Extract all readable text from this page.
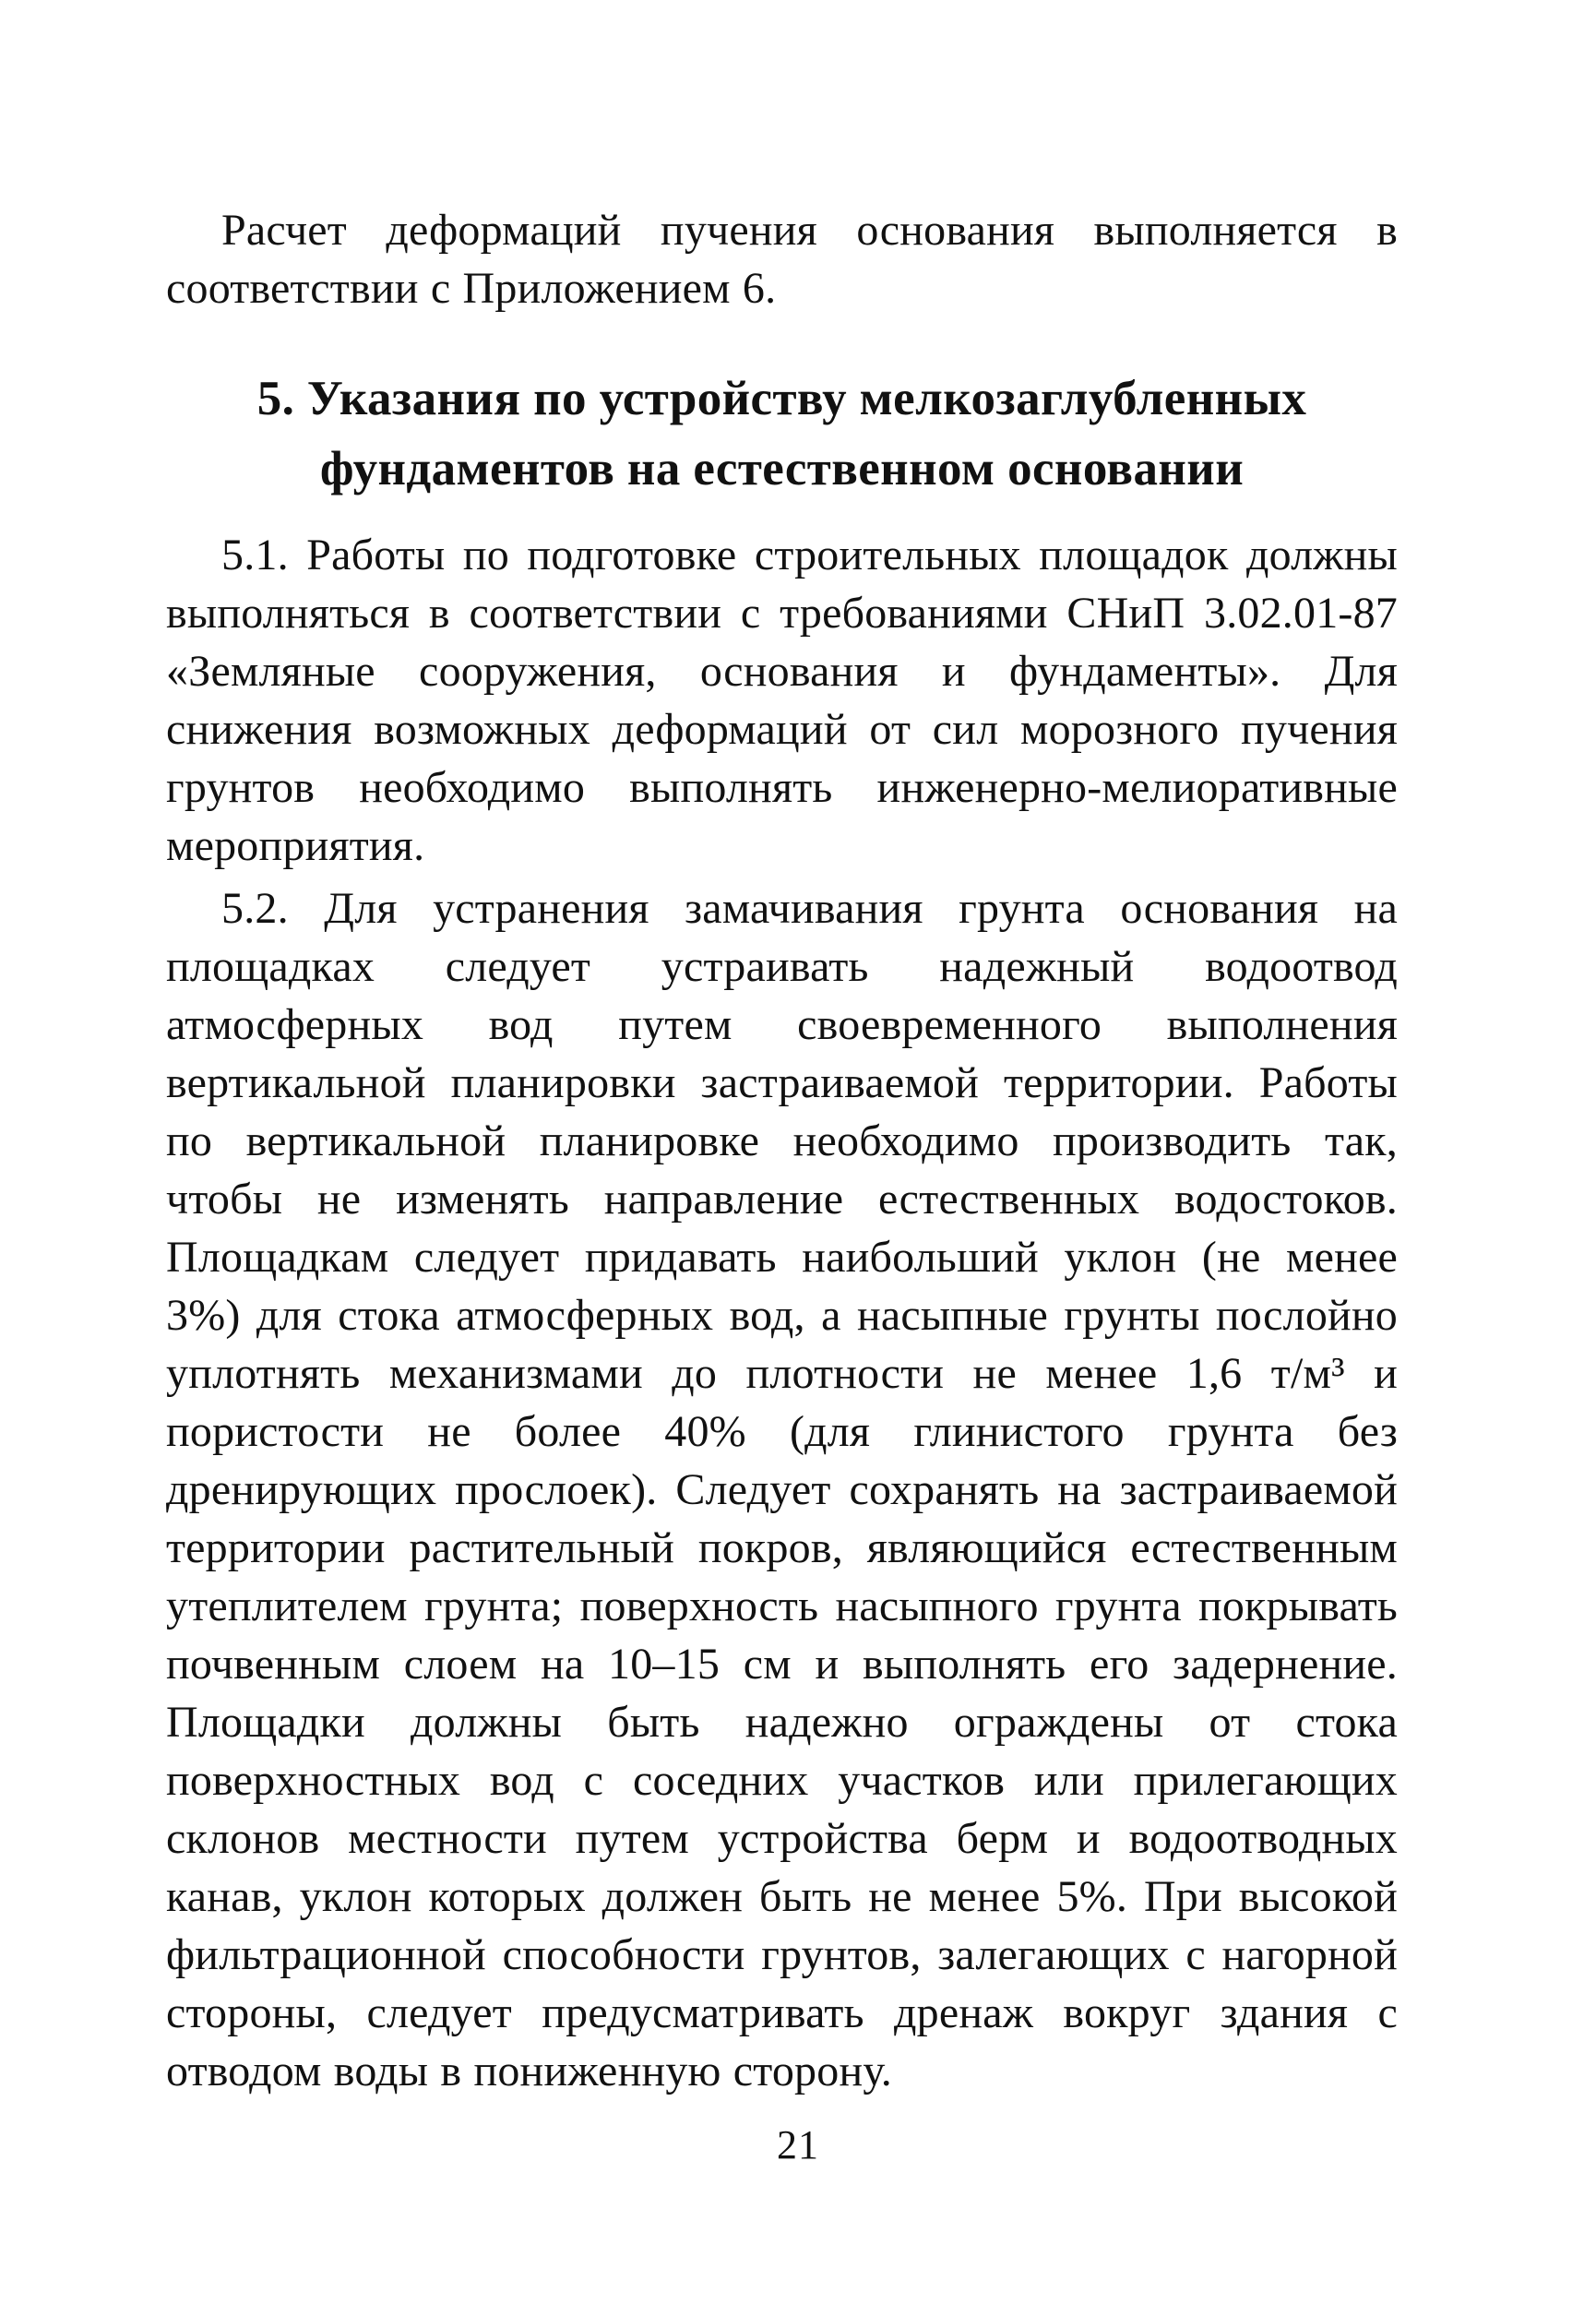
Расчет деформаций пучения основания выполняется в соответствии с Приложением 6.

5. Указания по устройству мелкозаглубленных
фундаментов на естественном основании

5.1. Работы по подготовке строительных площадок должны выполняться в соответствии с требованиями СНиП 3.02.01-87 «Земляные сооружения, основания и фундаменты». Для снижения возможных деформаций от сил морозного пучения грунтов необходимо выполнять инженерно-мелиоративные мероприятия.

5.2. Для устранения замачивания грунта основания на площадках следует устраивать надежный водоотвод атмосферных вод путем своевременного выполнения вертикальной планировки застраиваемой территории. Работы по вертикальной планировке необходимо производить так, чтобы не изменять направление естественных водостоков. Площадкам следует придавать наибольший уклон (не менее 3%) для стока атмосферных вод, а насыпные грунты послойно уплотнять механизмами до плотности не менее 1,6 т/м³ и пористости не более 40% (для глинистого грунта без дренирующих прослоек). Следует сохранять на застраиваемой территории растительный покров, являющийся естественным утеплителем грунта; поверхность насыпного грунта покрывать почвенным слоем на 10–15 см и выполнять его задернение. Площадки должны быть надежно ограждены от стока поверхностных вод с соседних участков или прилегающих склонов местности путем устройства берм и водоотводных канав, уклон которых должен быть не менее 5%. При высокой фильтрационной способности грунтов, залегающих с нагорной стороны, следует предусматривать дренаж вокруг здания с отводом воды в пониженную сторону.

21
